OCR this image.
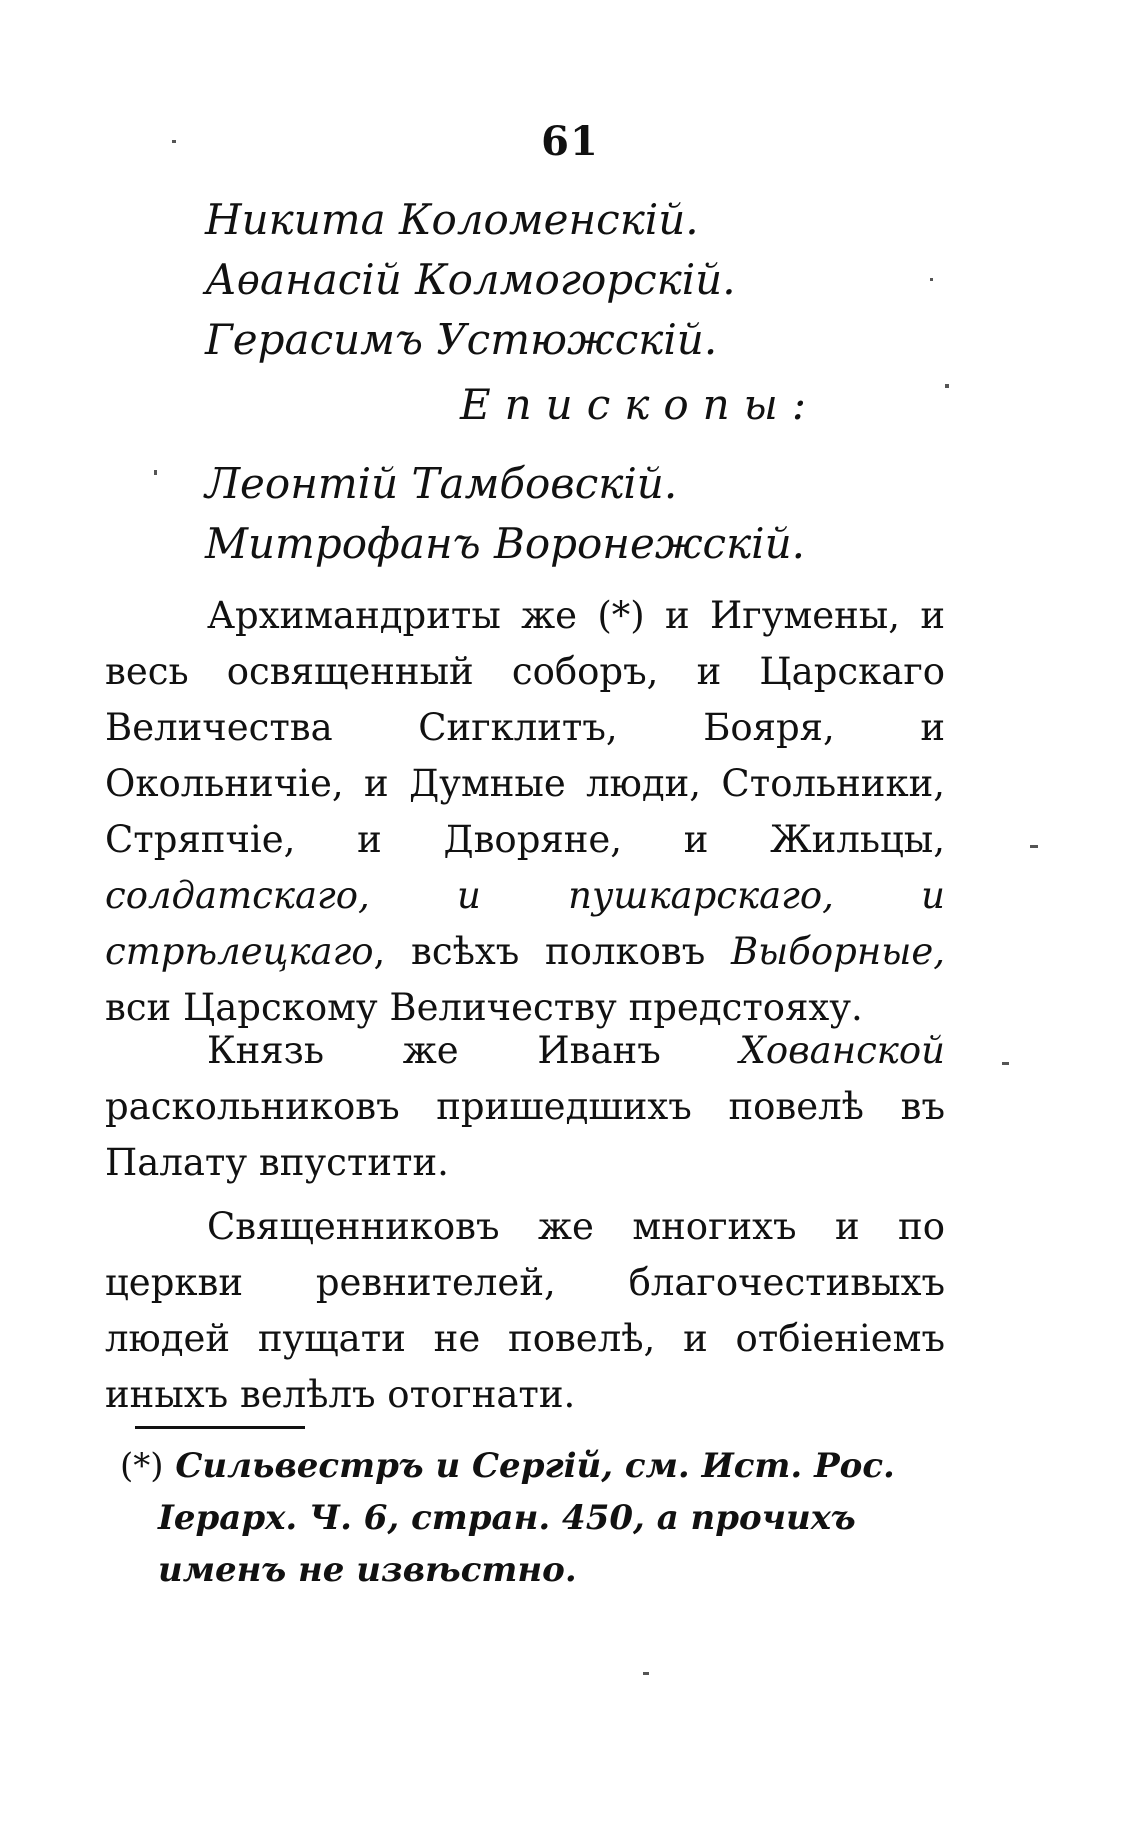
61
Никита Коломенскій.
Аѳанасій Колмогорскій.
Герасимъ Устюжскій.
Епископы:
Леонтій Тамбовскій.
Митрофанъ Воронежскій.
Архимандриты же (*) и Игумены, и весь освященный соборъ, и Царскаго Величества Сигклитъ, Бояря, и Окольничіе, и Думные люди, Стольники, Стряпчіе, и Дворяне, и Жильцы, солдатскаго, и пушкарскаго, и стрѣлецкаго, всѣхъ полковъ Выборные, вси Царскому Величеству предстояху.
Князь же Иванъ Хованской раскольниковъ пришедшихъ повелѣ въ Палату впустити.
Священниковъ же многихъ и по церкви ревнителей, благочестивыхъ людей пущати не повелѣ, и отбіеніемъ иныхъ велѣлъ отогнати.
(*) Сильвестръ и Сергій, см. Ист. Рос.
Іерарх. Ч. 6, стран. 450, а прочихъ
именъ не извѣстно.
